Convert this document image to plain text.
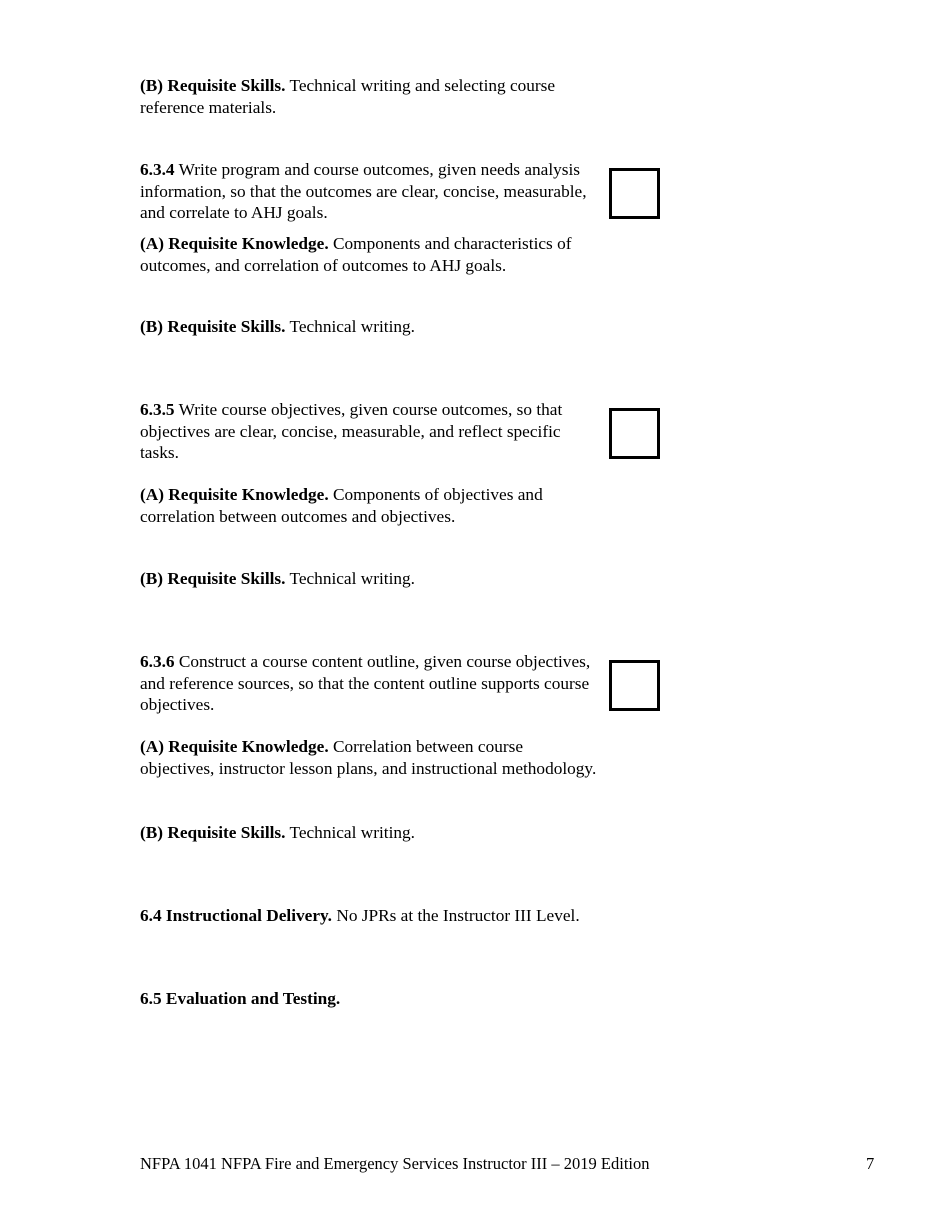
(B) Requisite Skills. Technical writing and selecting course reference materials.

6.3.4 Write program and course outcomes, given needs analysis information, so that the outcomes are clear, concise, measurable, and correlate to AHJ goals.

(A) Requisite Knowledge. Components and characteristics of outcomes, and correlation of outcomes to AHJ goals.

(B) Requisite Skills. Technical writing.

6.3.5 Write course objectives, given course outcomes, so that objectives are clear, concise, measurable, and reflect specific tasks.

(A) Requisite Knowledge. Components of objectives and correlation between outcomes and objectives.

(B) Requisite Skills. Technical writing.

6.3.6 Construct a course content outline, given course objectives, and reference sources, so that the content outline supports course objectives.

(A) Requisite Knowledge. Correlation between course objectives, instructor lesson plans, and instructional methodology.

(B) Requisite Skills. Technical writing.

6.4 Instructional Delivery. No JPRs at the Instructor III Level.

6.5 Evaluation and Testing.

NFPA 1041 NFPA Fire and Emergency Services Instructor III – 2019 Edition	7
